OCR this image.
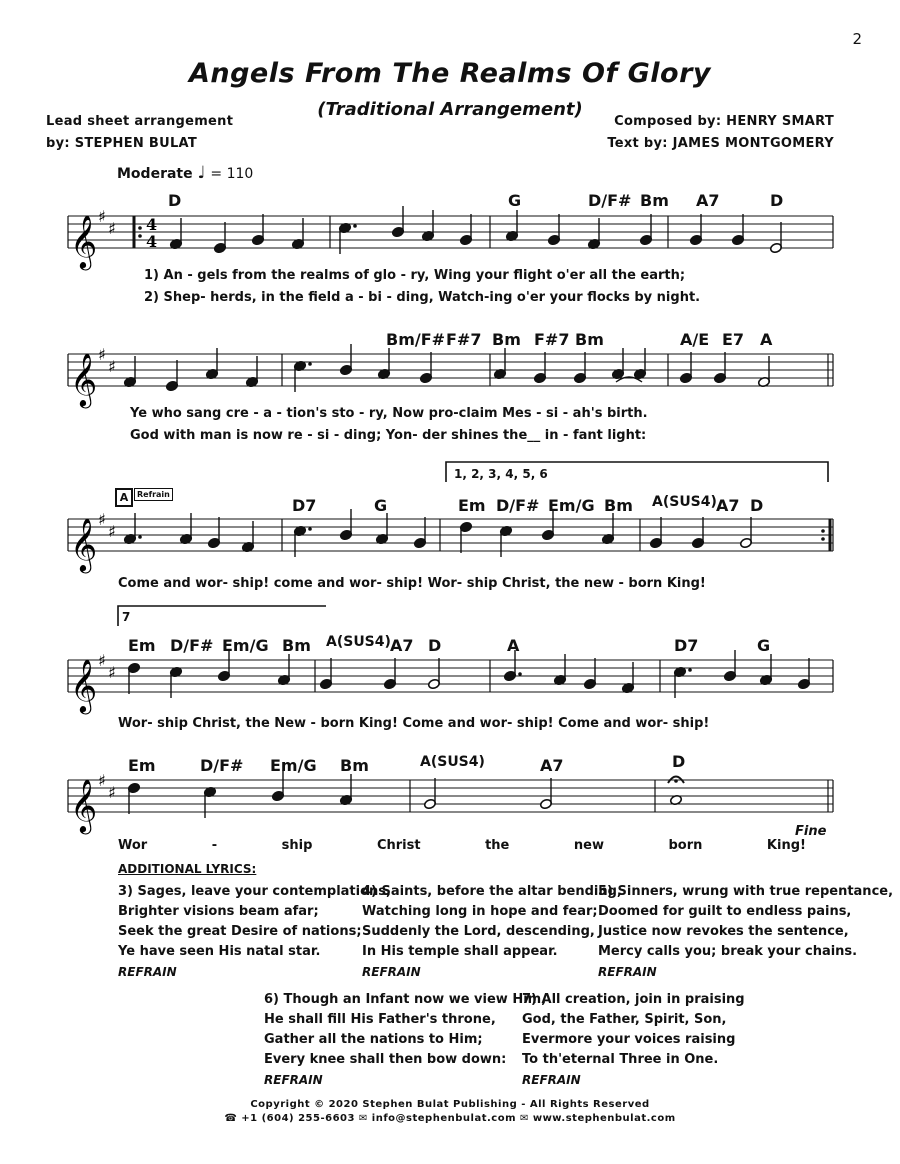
2
Angels From The Realms Of Glory
(Traditional Arrangement)
Lead sheet arrangement
by: STEPHEN BULAT
Composed by: HENRY SMART
Text by: JAMES MONTGOMERY
Moderate ♩ = 110
4
4
𝄞 ♯
♯
𝄞 ♯
♯
𝄞 ♯
♯
𝄞 ♯
♯
𝄞 ♯
♯
D	G	D/F# Bm A7	D
1) An - gels from the realms of glo - ry, Wing your flight o'er all the earth;
2) Shep- herds, in the field a - bi - ding, Watch-ing o'er your flocks by night.
Bm/F# F#7 Bm F#7 Bm	A/E E7 A
Ye who sang cre - a - tion's sto - ry, Now pro-claim Mes - si - ah's birth.
God with man is now re - si - ding; Yon- der shines the__ in - fant light:
A	Refrain
1, 2, 3, 4, 5, 6
D7	G	Em D/F# Em/G Bm A(SUS4) A7 D
Come and wor- ship! come and wor- ship! Wor- ship Christ, the new - born King!
7
Em D/F# Em/G Bm A(SUS4) A7 D	A	D7	G
Wor- ship Christ, the New - born King! Come and wor- ship! Come and wor- ship!
Em	D/F# Em/G Bm	A(SUS4)	A7	D
Wor - ship Christ the new born King!
Fine
ADDITIONAL LYRICS:
3) Sages, leave your contemplations,
Brighter visions beam afar;
Seek the great Desire of nations;
Ye have seen His natal star.
REFRAIN
4) Saints, before the altar bending,
Watching long in hope and fear;
Suddenly the Lord, descending,
In His temple shall appear.
REFRAIN
5) Sinners, wrung with true repentance,
Doomed for guilt to endless pains,
Justice now revokes the sentence,
Mercy calls you; break your chains.
REFRAIN
6) Though an Infant now we view Him,
He shall fill His Father's throne,
Gather all the nations to Him;
Every knee shall then bow down:
REFRAIN
7) All creation, join in praising
God, the Father, Spirit, Son,
Evermore your voices raising
To th'eternal Three in One.
REFRAIN
Copyright © 2020 Stephen Bulat Publishing - All Rights Reserved
☎ +1 (604) 255-6603 ✉ info@stephenbulat.com ✉ www.stephenbulat.com
